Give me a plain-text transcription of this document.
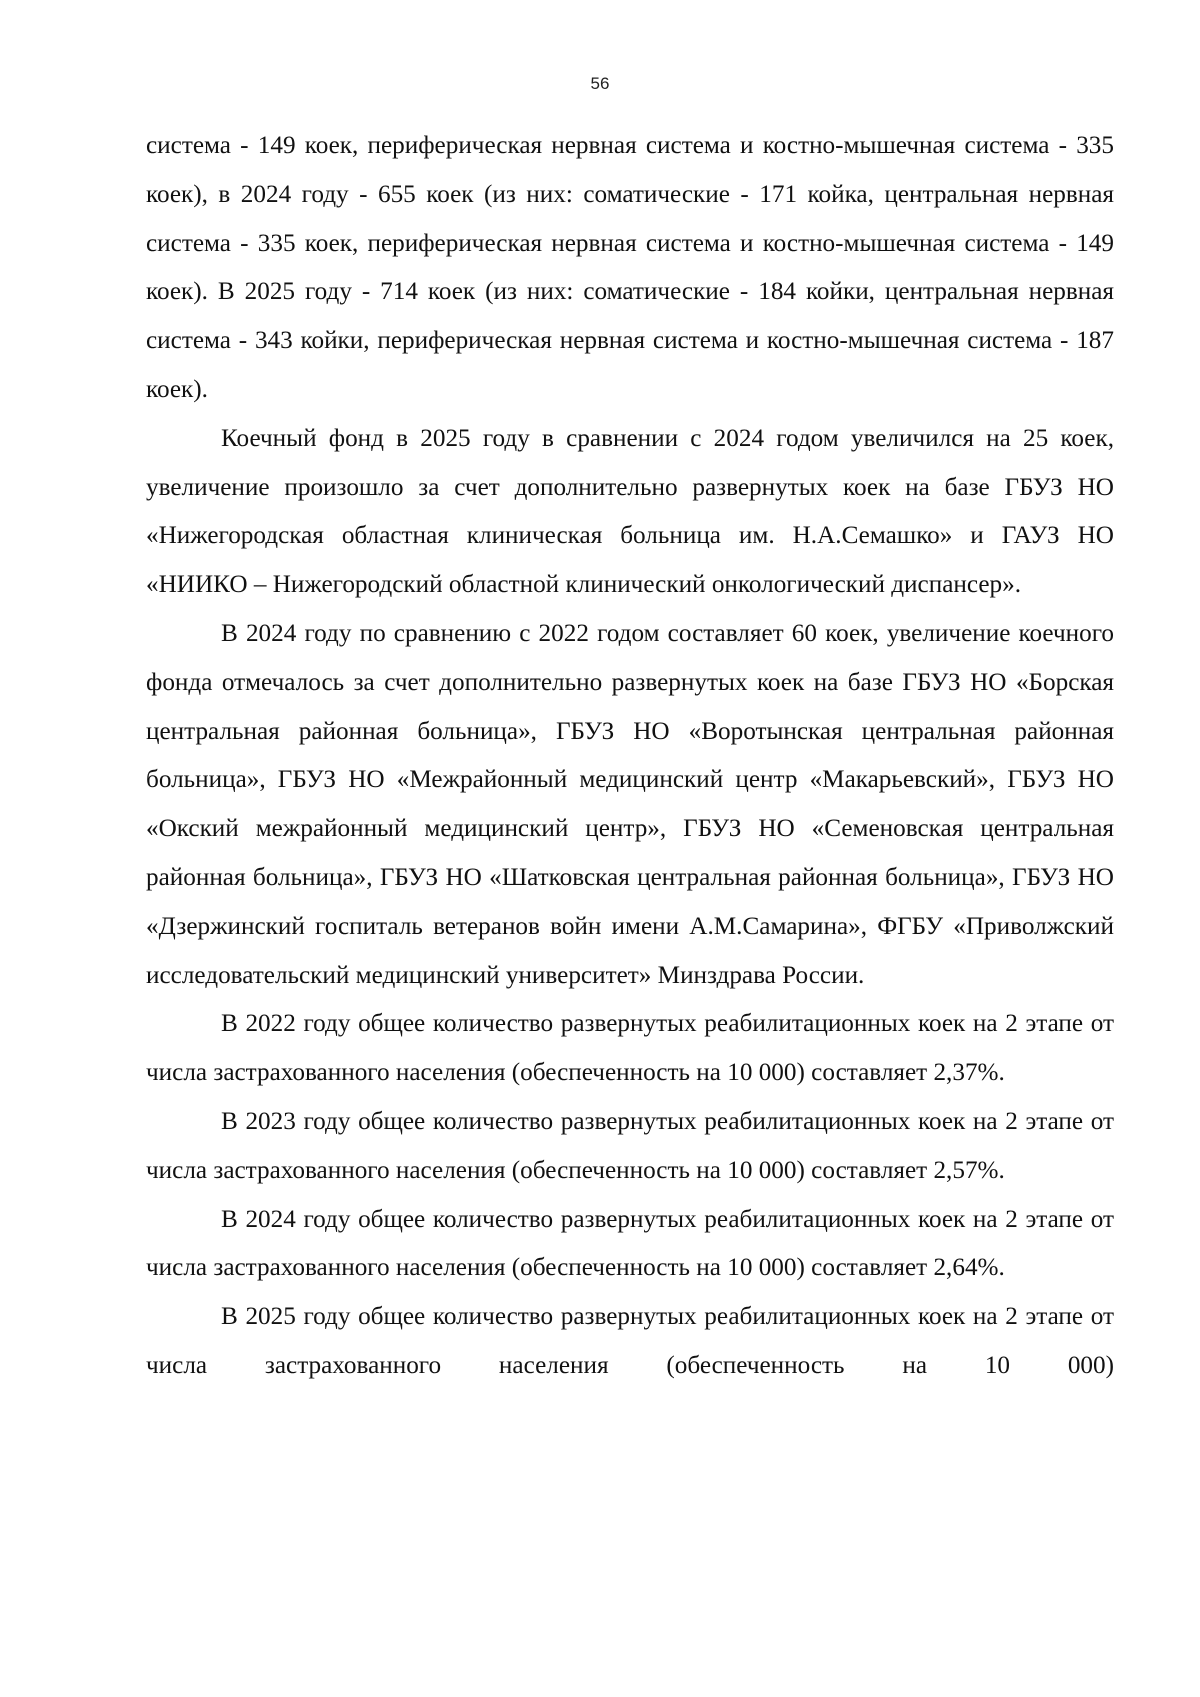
56

система - 149 коек, периферическая нервная система и костно-мышечная система - 335 коек), в 2024 году - 655 коек (из них: соматические - 171 койка, центральная нервная система - 335 коек, периферическая нервная система и костно-мышечная система - 149 коек). В 2025 году - 714 коек (из них: соматические - 184 койки, центральная нервная система - 343 койки, периферическая нервная система и костно-мышечная система - 187 коек).

Коечный фонд в 2025 году в сравнении с 2024 годом увеличился на 25 коек, увеличение произошло за счет дополнительно развернутых коек на базе ГБУЗ НО «Нижегородская областная клиническая больница им. Н.А.Семашко» и ГАУЗ НО «НИИКО – Нижегородский областной клинический онкологический диспансер».

В 2024 году по сравнению с 2022 годом составляет 60 коек, увеличение коечного фонда отмечалось за счет дополнительно развернутых коек на базе ГБУЗ НО «Борская центральная районная больница», ГБУЗ НО «Воротынская центральная районная больница», ГБУЗ НО «Межрайонный медицинский центр «Макарьевский», ГБУЗ НО «Окский межрайонный медицинский центр», ГБУЗ НО «Семеновская центральная районная больница», ГБУЗ НО «Шатковская центральная районная больница», ГБУЗ НО «Дзержинский госпиталь ветеранов войн имени А.М.Самарина», ФГБУ «Приволжский исследовательский медицинский университет» Минздрава России.

В 2022 году общее количество развернутых реабилитационных коек на 2 этапе от числа застрахованного населения (обеспеченность на 10 000) составляет 2,37%.

В 2023 году общее количество развернутых реабилитационных коек на 2 этапе от числа застрахованного населения (обеспеченность на 10 000) составляет 2,57%.

В 2024 году общее количество развернутых реабилитационных коек на 2 этапе от числа застрахованного населения (обеспеченность на 10 000) составляет 2,64%.

В 2025 году общее количество развернутых реабилитационных коек на 2 этапе от числа застрахованного населения (обеспеченность на 10 000)
